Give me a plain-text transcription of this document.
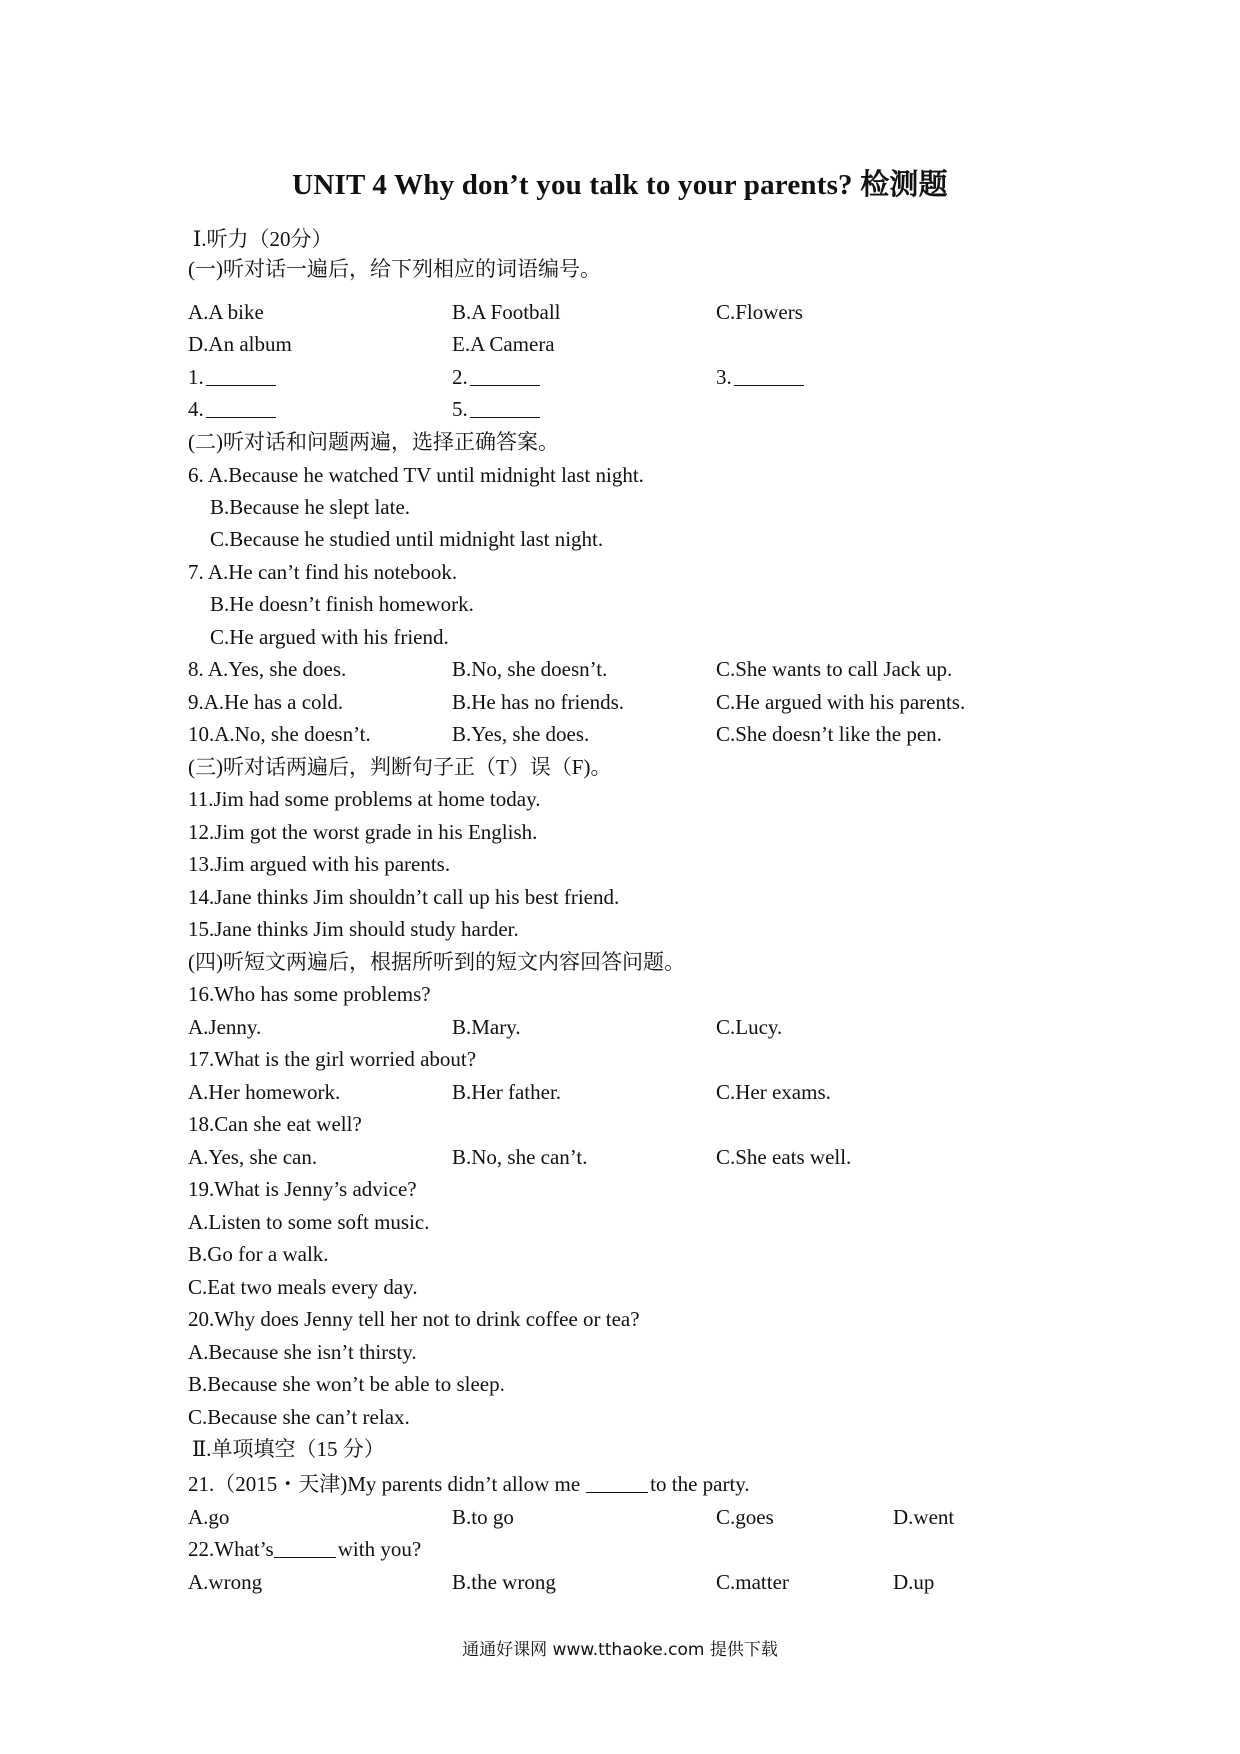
UNIT 4 Why don’t you talk to your parents? 检测题
Ⅰ.听力（20分）
(一)听对话一遍后，给下列相应的词语编号。
A.A bike	B.A Football	C.Flowers
D.An album	E.A Camera
1.	2.	3.
4.	5.
(二)听对话和问题两遍，选择正确答案。
6. A.Because he watched TV until midnight last night.
B.Because he slept late.
C.Because he studied until midnight last night.
7. A.He can’t find his notebook.
B.He doesn’t finish homework.
C.He argued with his friend.
8. A.Yes, she does.	B.No, she doesn’t.	C.She wants to call Jack up.
9.A.He has a cold.	B.He has no friends.	C.He argued with his parents.
10.A.No, she doesn’t.	B.Yes, she does.	C.She doesn’t like the pen.
(三)听对话两遍后，判断句子正（T）误（F)。
11.Jim had some problems at home today.
12.Jim got the worst grade in his English.
13.Jim argued with his parents.
14.Jane thinks Jim shouldn’t call up his best friend.
15.Jane thinks Jim should study harder.
(四)听短文两遍后，根据所听到的短文内容回答问题。
16.Who has some problems?
A.Jenny.	B.Mary.	C.Lucy.
17.What is the girl worried about?
A.Her homework.	B.Her father.	C.Her exams.
18.Can she eat well?
A.Yes, she can.	B.No, she can’t.	C.She eats well.
19.What is Jenny’s advice?
A.Listen to some soft music.
B.Go for a walk.
C.Eat two meals every day.
20.Why does Jenny tell her not to drink coffee or tea?
A.Because she isn’t thirsty.
B.Because she won’t be able to sleep.
C.Because she can’t relax.
Ⅱ.单项填空（15 分）
21.（2015・天津)My parents didn’t allow me	to the party.
A.go	B.to go	C.goes	D.went
22.What’s	with you?
A.wrong	B.the wrong	C.matter	D.up
通通好课网 www.tthaoke.com 提供下载
